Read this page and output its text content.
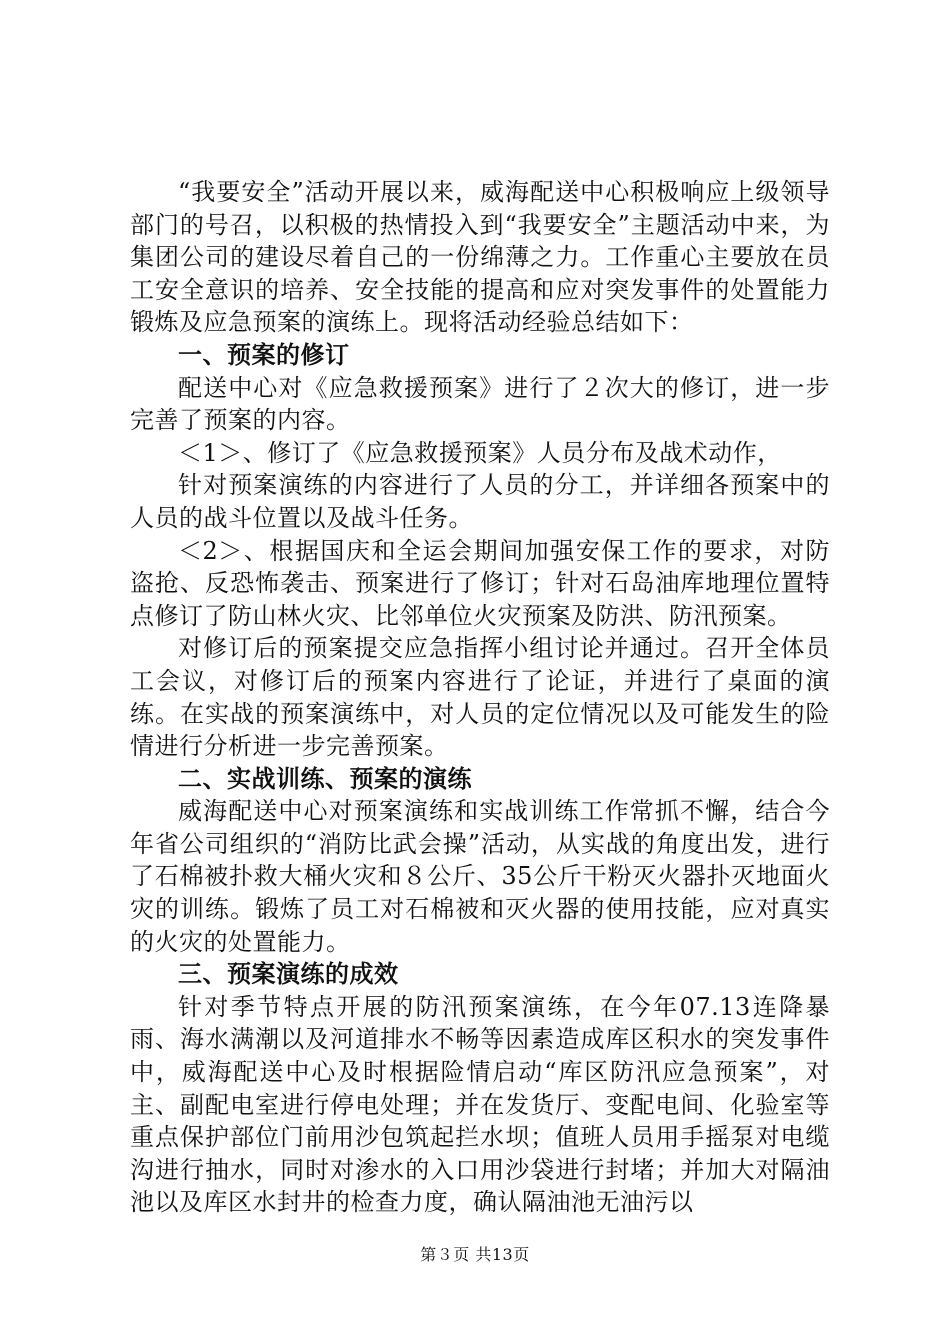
“我要安全”活动开展以来，威海配送中心积极响应上级领导部门的号召，以积极的热情投入到“我要安全”主题活动中来，为集团公司的建设尽着自己的一份绵薄之力。工作重心主要放在员工安全意识的培养、安全技能的提高和应对突发事件的处置能力锻炼及应急预案的演练上。现将活动经验总结如下：

一、预案的修订

配送中心对《应急救援预案》进行了２次大的修订，进一步完善了预案的内容。

＜1＞、修订了《应急救援预案》人员分布及战术动作，

针对预案演练的内容进行了人员的分工，并详细各预案中的人员的战斗位置以及战斗任务。

＜2＞、根据国庆和全运会期间加强安保工作的要求，对防盗抢、反恐怖袭击、预案进行了修订；针对石岛油库地理位置特点修订了防山林火灾、比邻单位火灾预案及防洪、防汛预案。

对修订后的预案提交应急指挥小组讨论并通过。召开全体员工会议，对修订后的预案内容进行了论证，并进行了桌面的演练。在实战的预案演练中，对人员的定位情况以及可能发生的险情进行分析进一步完善预案。

二、实战训练、预案的演练

威海配送中心对预案演练和实战训练工作常抓不懈，结合今年省公司组织的“消防比武会操”活动，从实战的角度出发，进行了石棉被扑救大桶火灾和８公斤、35公斤干粉灭火器扑灭地面火灾的训练。锻炼了员工对石棉被和灭火器的使用技能，应对真实的火灾的处置能力。

三、预案演练的成效

针对季节特点开展的防汛预案演练，在今年07.13连降暴雨、海水满潮以及河道排水不畅等因素造成库区积水的突发事件中，威海配送中心及时根据险情启动“库区防汛应急预案”，对主、副配电室进行停电处理；并在发货厅、变配电间、化验室等重点保护部位门前用沙包筑起拦水坝；值班人员用手摇泵对电缆沟进行抽水，同时对渗水的入口用沙袋进行封堵；并加大对隔油池以及库区水封井的检查力度，确认隔油池无油污以

第３页 共13页
